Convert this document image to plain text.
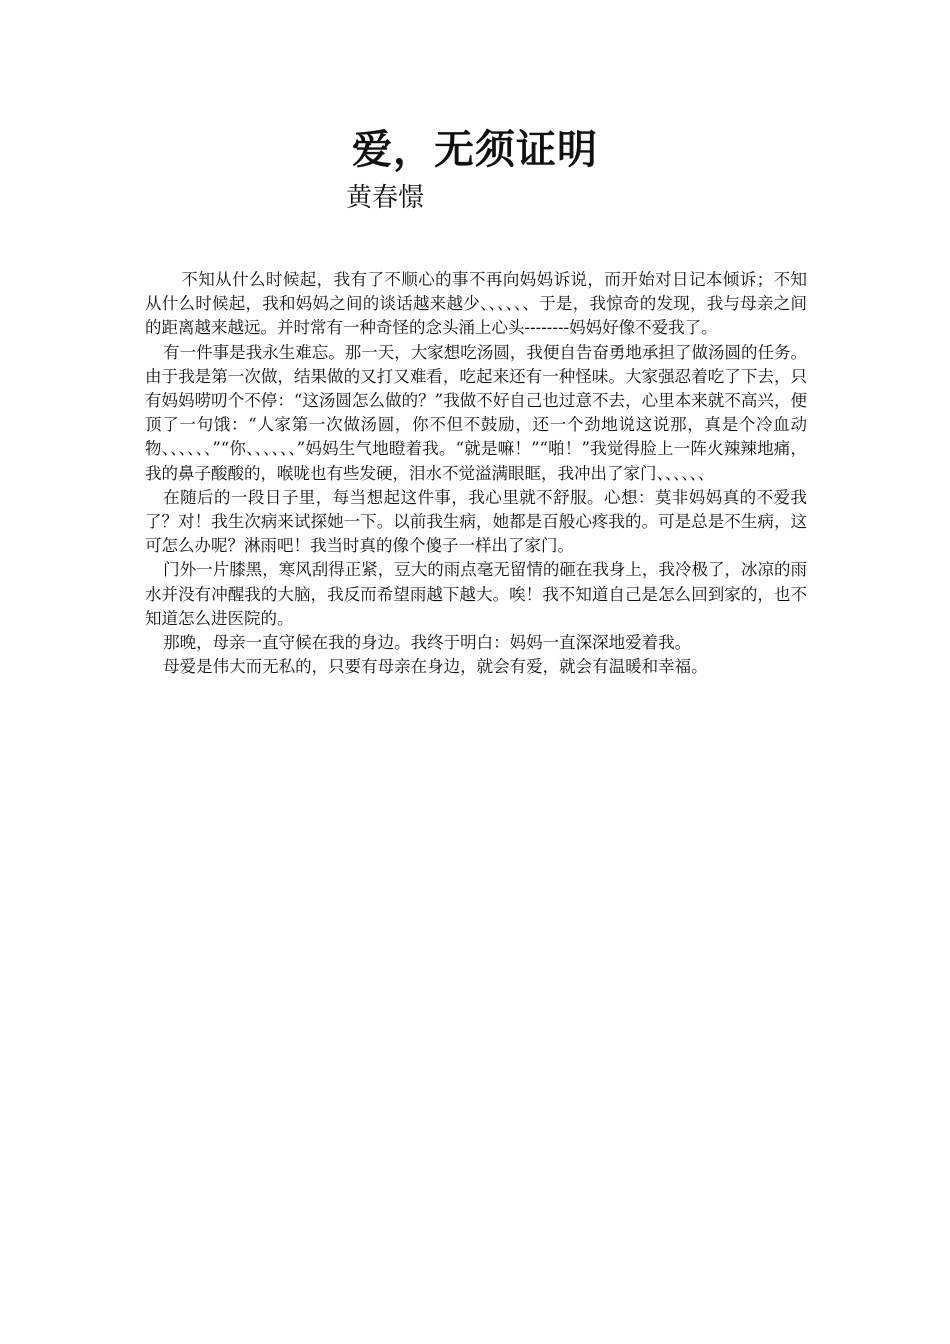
爱，无须证明
黄春憬

不知从什么时候起，我有了不顺心的事不再向妈妈诉说，而开始对日记本倾诉；不知从什么时候起，我和妈妈之间的谈话越来越少、、、、、、于是，我惊奇的发现，我与母亲之间的距离越来越远。并时常有一种奇怪的念头涌上心头--------妈妈好像不爱我了。

有一件事是我永生难忘。那一天，大家想吃汤圆，我便自告奋勇地承担了做汤圆的任务。由于我是第一次做，结果做的又打又难看，吃起来还有一种怪味。大家强忍着吃了下去，只有妈妈唠叨个不停：“这汤圆怎么做的？”我做不好自己也过意不去，心里本来就不高兴，便顶了一句饿：“人家第一次做汤圆，你不但不鼓励，还一个劲地说这说那，真是个冷血动物、、、、、、”“你、、、、、、”妈妈生气地瞪着我。“就是嘛！”“啪！”我觉得脸上一阵火辣辣地痛，我的鼻子酸酸的，喉咙也有些发硬，泪水不觉溢满眼眶，我冲出了家门、、、、、、

在随后的一段日子里，每当想起这件事，我心里就不舒服。心想：莫非妈妈真的不爱我了？对！我生次病来试探她一下。以前我生病，她都是百般心疼我的。可是总是不生病，这可怎么办呢？淋雨吧！我当时真的像个傻子一样出了家门。

门外一片膝黑，寒风刮得正紧，豆大的雨点毫无留情的砸在我身上，我冷极了，冰凉的雨水并没有冲醒我的大脑，我反而希望雨越下越大。唉！我不知道自己是怎么回到家的，也不知道怎么进医院的。

那晚，母亲一直守候在我的身边。我终于明白：妈妈一直深深地爱着我。

母爱是伟大而无私的，只要有母亲在身边，就会有爱，就会有温暖和幸福。
